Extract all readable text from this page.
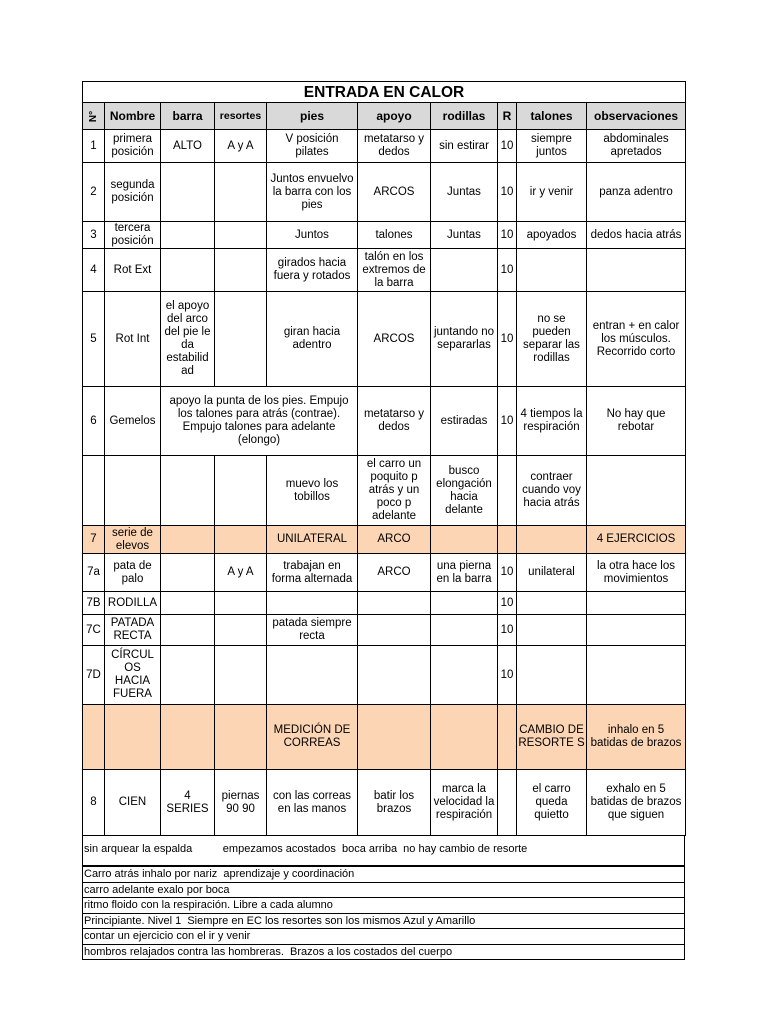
ENTRADA EN CALOR									
N°	Nombre	barra	resortes	pies	apoyo	rodillas	R	talones	observaciones
1	primera posición	ALTO	A y A	V posición pilates	metatarso y dedos	sin estirar	10	siempre juntos	abdominales apretados
2	segunda posición			Juntos envuelvo la barra con los pies	ARCOS	Juntas	10	ir y venir	panza adentro
3	tercera posición			Juntos	talones	Juntas	10	apoyados	dedos hacia atrás
4	Rot Ext			girados hacia fuera y rotados	talón en los extremos de la barra		10		
5	Rot Int	el apoyo del arco del pie le da estabilid ad		giran hacia adentro	ARCOS	juntando no separarlas	10	no se pueden separar las rodillas	entran + en calor los músculos. Recorrido corto
6	Gemelos	apoyo la punta de los pies. Empujo los talones para atrás (contrae). Empujo talones para adelante (elongo)			metatarso y dedos	estiradas	10	4 tiempos la respiración	No hay que rebotar
				muevo los tobillos	el carro un poquito p atrás y un poco p adelante	busco elongación hacia delante		contraer cuando voy hacia atrás	
7	serie de elevos			UNILATERAL	ARCO				4 EJERCICIOS
7a	pata de palo		A y A	trabajan en forma alternada	ARCO	una pierna en la barra	10	unilateral	la otra hace los movimientos
7B	RODILLA						10		
7C	PATADA RECTA			patada siempre recta			10		
7D	CÍRCUL OS HACIA FUERA						10		
				MEDICIÓN DE CORREAS				CAMBIO DE RESORTE S	inhalo en 5 batidas de brazos
8	CIEN	4 SERIES	piernas 90 90	con las correas en las manos	batir los brazos	marca la velocidad la respiración		el carro queda quietto	exhalo en 5 batidas de brazos que siguen
sin arquear la espalda          empezamos acostados  boca arriba  no hay cambio de resorte
Carro atrás inhalo por nariz  aprendizaje y coordinación
carro adelante exalo por boca
ritmo floido con la respiración. Libre a cada alumno
Principiante. Nivel 1  Siempre en EC los resortes son los mismos Azul y Amarillo
contar un ejercicio con el ir y venir
hombros relajados contra las hombreras.  Brazos a los costados del cuerpo
